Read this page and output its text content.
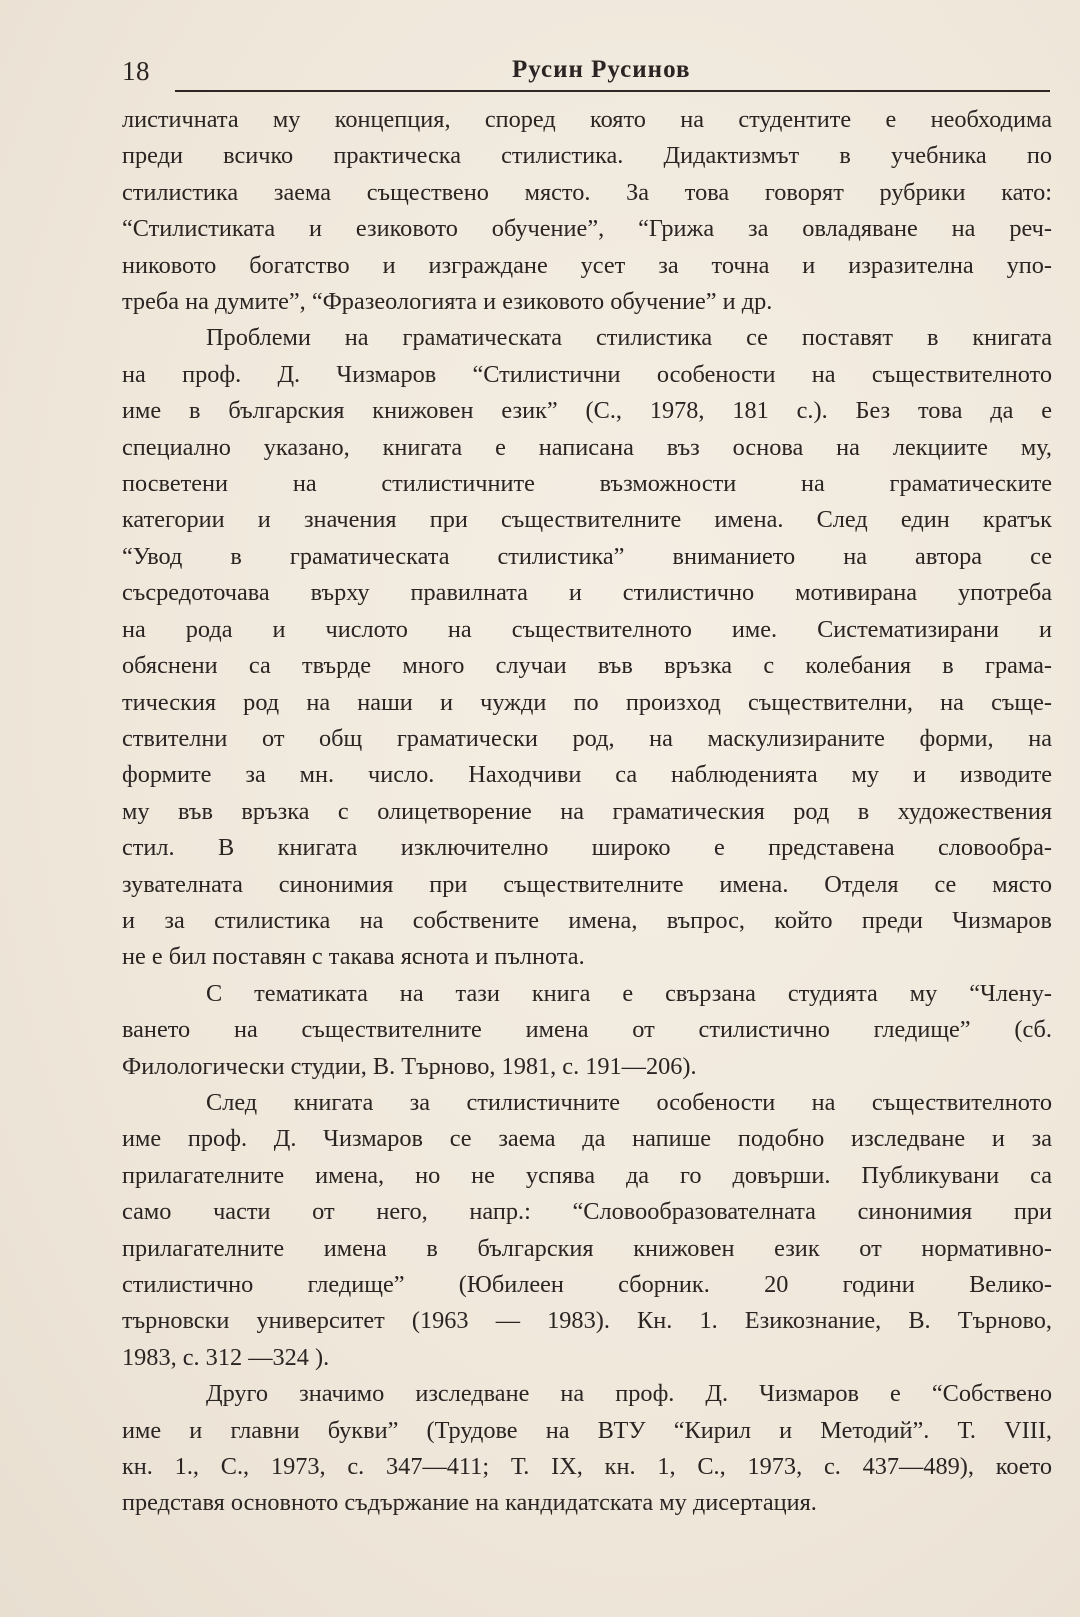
18	Русин Русинов

листичната му концепция, според която на студентите е необходима
преди всичко практическа стилистика. Дидактизмът в учебника по
стилистика заема съществено място. За това говорят рубрики като:
“Стилистиката и езиковото обучение”, “Грижа за овладяване на реч-
никовото богатство и изграждане усет за точна и изразителна упо-
треба на думите”, “Фразеологията и езиковото обучение” и др.

Проблеми на граматическата стилистика се поставят в книгата
на проф. Д. Чизмаров “Стилистични особености на съществителното
име в българския книжовен език” (С., 1978, 181 с.). Без това да е
специално указано, книгата е написана въз основа на лекциите му,
посветени на стилистичните възможности на граматическите
категории и значения при съществителните имена. След един кратък
“Увод в граматическата стилистика” вниманието на автора се
съсредоточава върху правилната и стилистично мотивирана употреба
на рода и числото на съществителното име. Систематизирани и
обяснени са твърде много случаи във връзка с колебания в грама-
тическия род на наши и чужди по произход съществителни, на съще-
ствителни от общ граматически род, на маскулизираните форми, на
формите за мн. число. Находчиви са наблюденията му и изводите
му във връзка с олицетворение на граматическия род в художествения
стил. В книгата изключително широко е представена словообра-
зувателната синонимия при съществителните имена. Отделя се място
и за стилистика на собствените имена, въпрос, който преди Чизмаров
не е бил поставян с такава яснота и пълнота.

С тематиката на тази книга е свързана студията му “Члену-
ването на съществителните имена от стилистично гледище” (сб.
Филологически студии, В. Търново, 1981, с. 191—206).

След книгата за стилистичните особености на съществителното
име проф. Д. Чизмаров се заема да напише подобно изследване и за
прилагателните имена, но не успява да го довърши. Публикувани са
само части от него, напр.: “Словообразователната синонимия при
прилагателните имена в българския книжовен език от нормативно-
стилистично гледище” (Юбилеен сборник. 20 години Велико-
търновски университет (1963 — 1983). Кн. 1. Езикознание, В. Търново,
1983, с. 312 —324 ).

Друго значимо изследване на проф. Д. Чизмаров е “Собствено
име и главни букви” (Трудове на ВТУ “Кирил и Методий”. Т. VIII,
кн. 1., С., 1973, с. 347—411; Т. IX, кн. 1, С., 1973, с. 437—489), което
представя основното съдържание на кандидатската му дисертация.
